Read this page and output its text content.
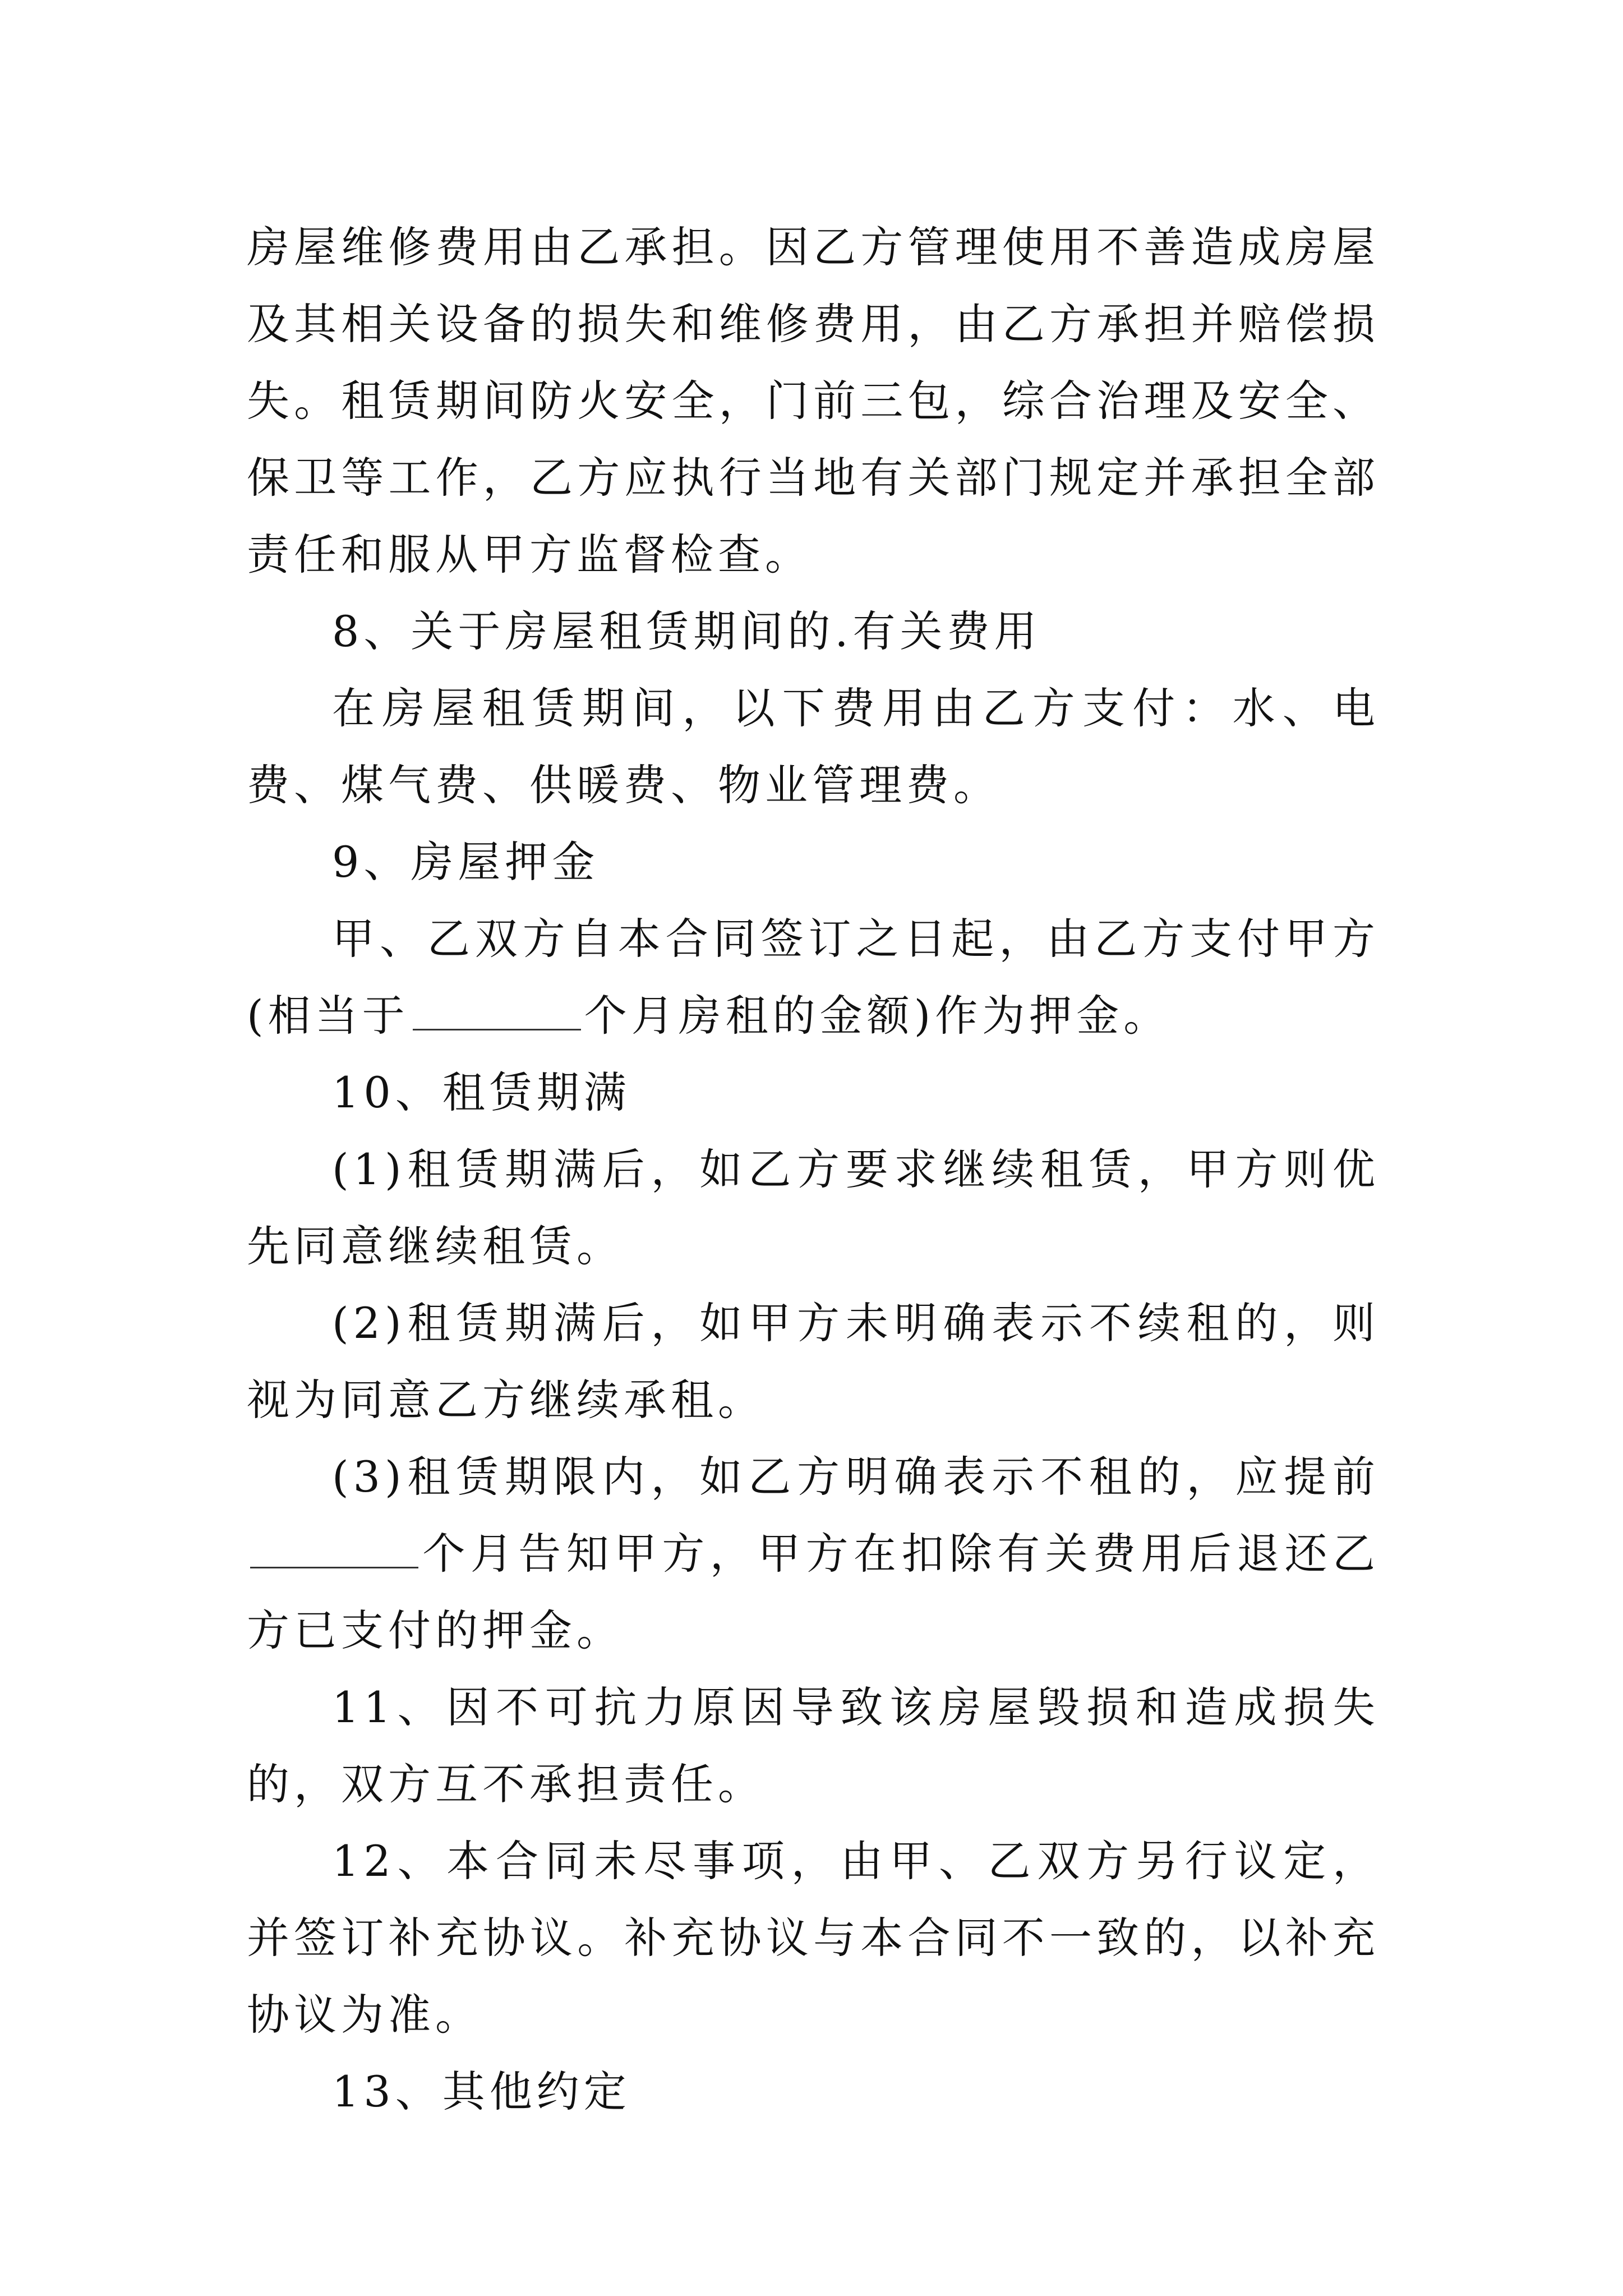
房屋维修费用由乙承担。因乙方管理使用不善造成房屋及其相关设备的损失和维修费用，由乙方承担并赔偿损失。租赁期间防火安全，门前三包，综合治理及安全、保卫等工作，乙方应执行当地有关部门规定并承担全部责任和服从甲方监督检查。

8、关于房屋租赁期间的.有关费用

在房屋租赁期间，以下费用由乙方支付：水、电费、煤气费、供暖费、物业管理费。

9、房屋押金

甲、乙双方自本合同签订之日起，由乙方支付甲方(相当于	个月房租的金额)作为押金。

10、租赁期满

(1)租赁期满后，如乙方要求继续租赁，甲方则优先同意继续租赁。

(2)租赁期满后，如甲方未明确表示不续租的，则视为同意乙方继续承租。

(3)租赁期限内，如乙方明确表示不租的，应提前个月告知甲方，甲方在扣除有关费用后退还乙方已支付的押金。

11、因不可抗力原因导致该房屋毁损和造成损失的，双方互不承担责任。

12、本合同未尽事项，由甲、乙双方另行议定，并签订补充协议。补充协议与本合同不一致的，以补充协议为准。

13、其他约定
